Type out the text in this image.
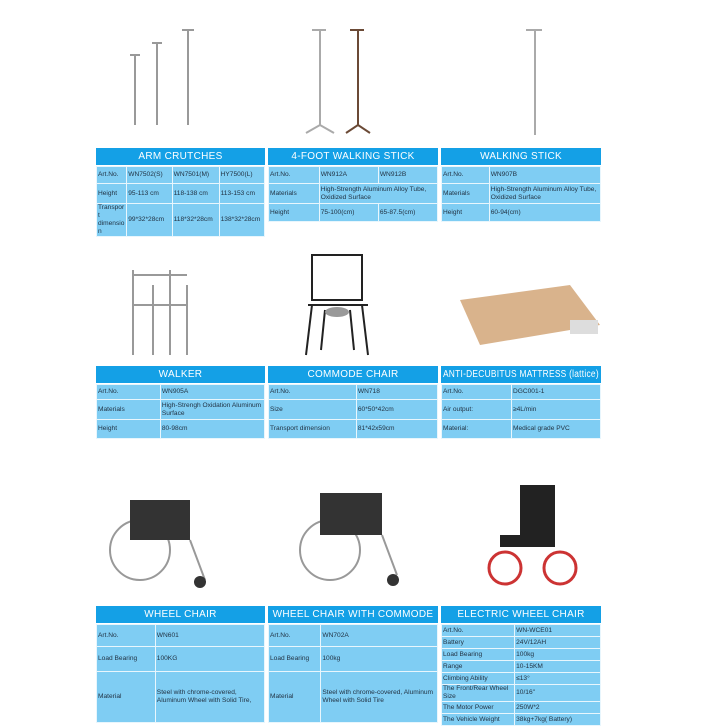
ARM CRUTCHES
Art.No.	WN7502(S)	WN7501(M)	HY7500(L)
Height	95-113 cm	118-138 cm	113-153 cm
Transport dimension	99*32*28cm	118*32*28cm	138*32*28cm
4-FOOT WALKING STICK
Art.No.	WN912A	WN912B
Materials	High-Strength Aluminum Alloy Tube, Oxidized Surface	
Height	75-100(cm)	65-87.5(cm)
WALKING STICK
Art.No.	WN907B
Materials	High-Strength Aluminum Alloy Tube, Oxidized Surface
Height	60-94(cm)
WALKER
Art.No.	WN905A
Materials	High-Strengh Oxidation Aluminum Surface
Height	80-98cm
COMMODE CHAIR
Art.No.	WN718
Size	60*50*42cm
Transport dimension	81*42x59cm
ANTI-DECUBITUS MATTRESS (lattice)
Art.No.	DGC001-1
Air output:	≥4L/min
Material:	Medical grade PVC
WHEEL CHAIR
Art.No.	WN601
Load Bearing	100KG
Material	Steel with chrome-covered, Aluminum Wheel with Solid Tire,
WHEEL CHAIR WITH COMMODE
Art.No.	WN702A
Load Bearing	100kg
Material	Steel with chrome-covered, Aluminum Wheel with Solid Tire
ELECTRIC WHEEL CHAIR
Art.No.	WN-WCE01
Battery	24V/12AH
Load Bearing	100kg
Range	10-15KM
Climbing Ability	≤13°
The Front/Rear Wheel Size	10/16"
The Motor Power	250W*2
The Vehicle Weight	38kg+7kg( Battery)
